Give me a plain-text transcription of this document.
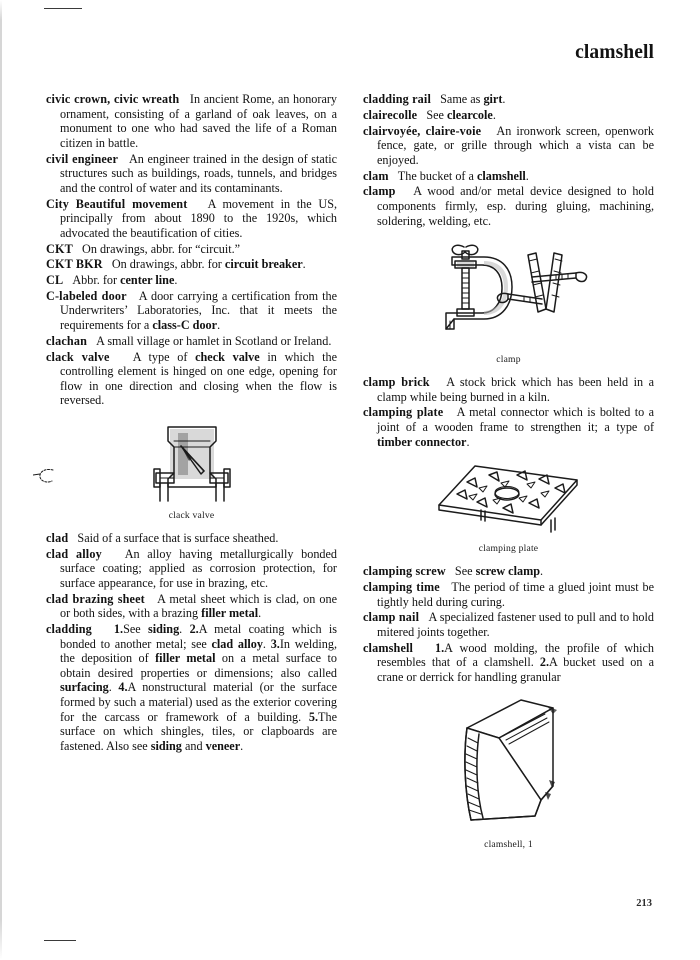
clamshell
213

civic crown, civic wreath In ancient Rome, an honorary ornament, consisting of a garland of oak leaves, on a monument to one who had saved the life of a Roman citizen in battle.

civil engineer An engineer trained in the design of static structures such as buildings, roads, tunnels, and bridges and the control of water and its contaminants.

City Beautiful movement A movement in the US, principally from about 1890 to the 1920s, which advocated the beautification of cities.

CKT On drawings, abbr. for “circuit.”

CKT BKR On drawings, abbr. for circuit breaker.

CL Abbr. for center line.

C-labeled door A door carrying a certification from the Underwriters’ Laboratories, Inc. that it meets the requirements for a class-C door.

clachan A small village or hamlet in Scotland or Ireland.

clack valve A type of check valve in which the controlling element is hinged on one edge, opening for flow in one direction and closing when the flow is reversed.

clack valve

clad Said of a surface that is surface sheathed.

clad alloy An alloy having metallurgically bonded surface coating; applied as corrosion protection, for surface appearance, for use in brazing, etc.

clad brazing sheet A metal sheet which is clad, on one or both sides, with a brazing filler metal.

cladding 1.See siding. 2.A metal coating which is bonded to another metal; see clad alloy. 3.In welding, the deposition of filler metal on a metal surface to obtain desired properties or dimensions; also called surfacing. 4.A nonstructural material (or the surface formed by such a material) used as the exterior covering for the carcass or framework of a building. 5.The surface on which shingles, tiles, or clapboards are fastened. Also see siding and veneer.

cladding rail Same as girt.

clairecolle See clearcole.

clairvoyée, claire-voie An ironwork screen, openwork fence, gate, or grille through which a vista can be enjoyed.

clam The bucket of a clamshell.

clamp A wood and/or metal device designed to hold components firmly, esp. during gluing, machining, soldering, welding, etc.

clamp

clamp brick A stock brick which has been held in a clamp while being burned in a kiln.

clamping plate A metal connector which is bolted to a joint of a wooden frame to strengthen it; a type of timber connector.

clamping plate

clamping screw See screw clamp.

clamping time The period of time a glued joint must be tightly held during curing.

clamp nail A specialized fastener used to pull and to hold mitered joints together.

clamshell 1.A wood molding, the profile of which resembles that of a clamshell. 2.A bucket used on a crane or derrick for handling granular

clamshell, 1
